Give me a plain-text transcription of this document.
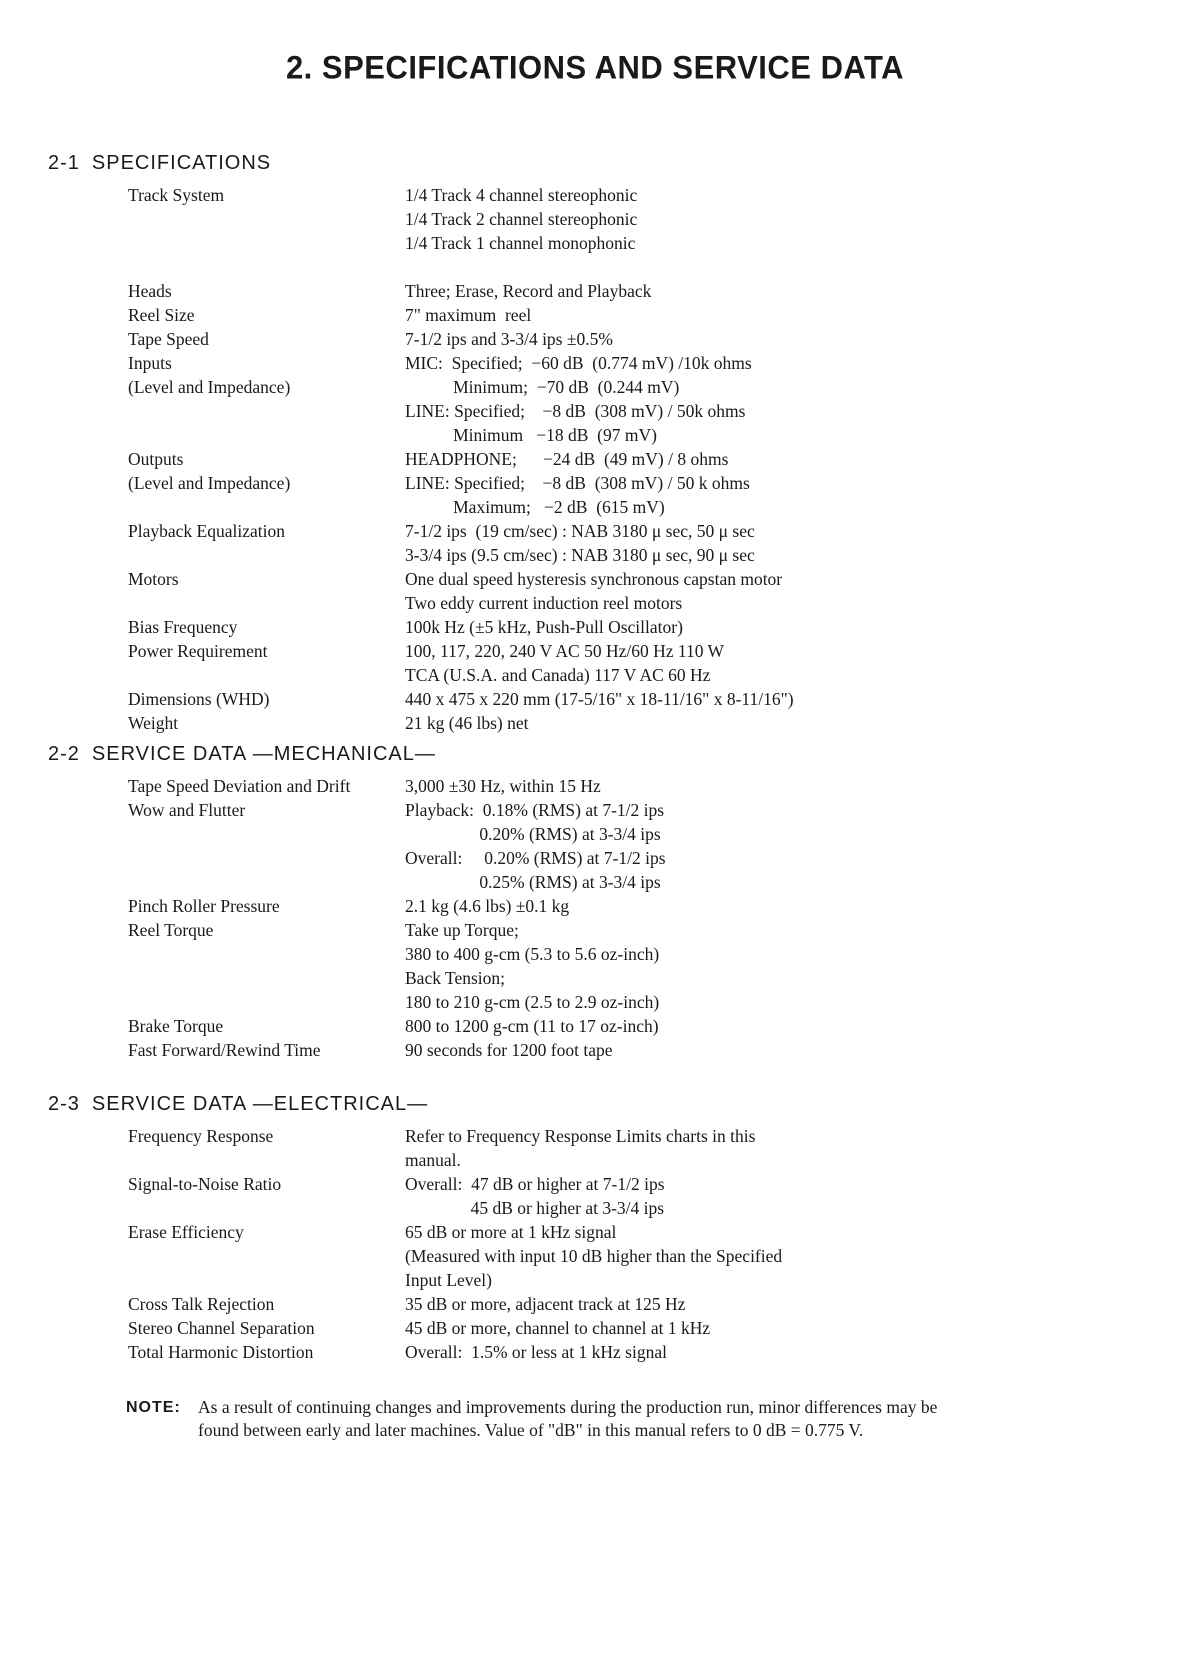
2. SPECIFICATIONS AND SERVICE DATA
2-1 SPECIFICATIONS
Track System	1/4 Track 4 channel stereophonic
1/4 Track 2 channel stereophonic
1/4 Track 1 channel monophonic
Heads	Three; Erase, Record and Playback
Reel Size	7" maximum  reel
Tape Speed	7-1/2 ips and 3-3/4 ips ±0.5%
Inputs	MIC:  Specified;  −60 dB  (0.774 mV) /10k ohms
(Level and Impedance)	Minimum;  −70 dB  (0.244 mV)
LINE: Specified;    −8 dB  (308 mV) / 50k ohms
Minimum   −18 dB  (97 mV)
Outputs	HEADPHONE;      −24 dB  (49 mV) / 8 ohms
(Level and Impedance)	LINE: Specified;    −8 dB  (308 mV) / 50 k ohms
Maximum;   −2 dB  (615 mV)
Playback Equalization	7-1/2 ips  (19 cm/sec) : NAB 3180 μ sec, 50 μ sec
3-3/4 ips (9.5 cm/sec) : NAB 3180 μ sec, 90 μ sec
Motors	One dual speed hysteresis synchronous capstan motor
Two eddy current induction reel motors
Bias Frequency	100k Hz (±5 kHz, Push-Pull Oscillator)
Power Requirement	100, 117, 220, 240 V AC 50 Hz/60 Hz 110 W
TCA (U.S.A. and Canada) 117 V AC 60 Hz
Dimensions (WHD)	440 x 475 x 220 mm (17-5/16" x 18-11/16" x 8-11/16")
Weight	21 kg (46 lbs) net
2-2 SERVICE DATA —MECHANICAL—
Tape Speed Deviation and Drift	3,000 ±30 Hz, within 15 Hz
Wow and Flutter	Playback:  0.18% (RMS) at 7-1/2 ips
0.20% (RMS) at 3-3/4 ips
Overall:     0.20% (RMS) at 7-1/2 ips
0.25% (RMS) at 3-3/4 ips
Pinch Roller Pressure	2.1 kg (4.6 lbs) ±0.1 kg
Reel Torque	Take up Torque;
380 to 400 g-cm (5.3 to 5.6 oz-inch)
Back Tension;
180 to 210 g-cm (2.5 to 2.9 oz-inch)
Brake Torque	800 to 1200 g-cm (11 to 17 oz-inch)
Fast Forward/Rewind Time	90 seconds for 1200 foot tape
2-3 SERVICE DATA —ELECTRICAL—
Frequency Response	Refer to Frequency Response Limits charts in this
manual.
Signal-to-Noise Ratio	Overall:  47 dB or higher at 7-1/2 ips
45 dB or higher at 3-3/4 ips
Erase Efficiency	65 dB or more at 1 kHz signal
(Measured with input 10 dB higher than the Specified
Input Level)
Cross Talk Rejection	35 dB or more, adjacent track at 125 Hz
Stereo Channel Separation	45 dB or more, channel to channel at 1 kHz
Total Harmonic Distortion	Overall:  1.5% or less at 1 kHz signal
NOTE: As a result of continuing changes and improvements during the production run, minor differences may be found between early and later machines. Value of "dB" in this manual refers to 0 dB = 0.775 V.
